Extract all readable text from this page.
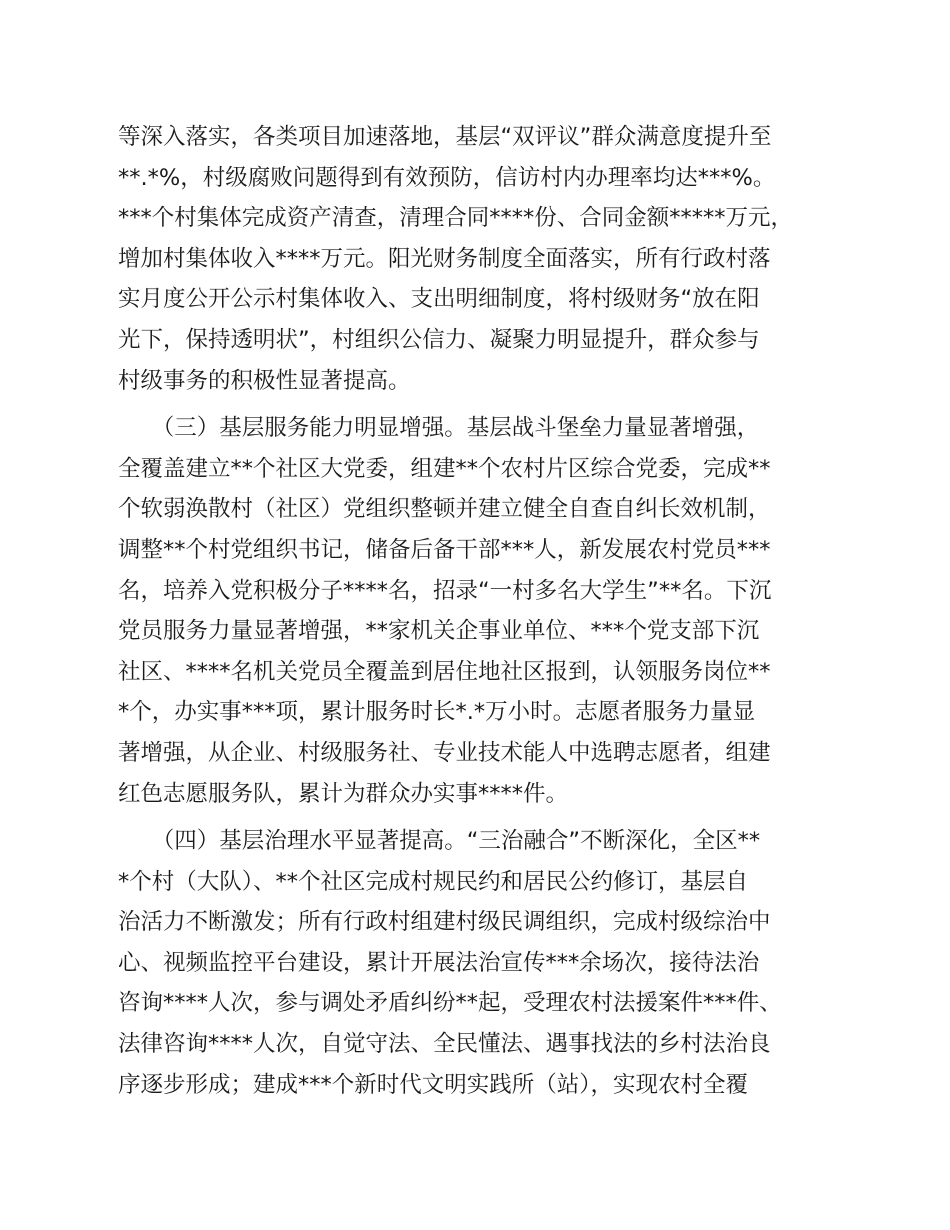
等深入落实，各类项目加速落地，基层“双评议”群众满意度提升至
**.*%，村级腐败问题得到有效预防，信访村内办理率均达***%。
***个村集体完成资产清查，清理合同****份、合同金额*****万元，
增加村集体收入****万元。阳光财务制度全面落实，所有行政村落
实月度公开公示村集体收入、支出明细制度，将村级财务“放在阳
光下，保持透明状”，村组织公信力、凝聚力明显提升，群众参与
村级事务的积极性显著提高。
　　（三）基层服务能力明显增强。基层战斗堡垒力量显著增强，
全覆盖建立**个社区大党委，组建**个农村片区综合党委，完成**
个软弱涣散村（社区）党组织整顿并建立健全自查自纠长效机制，
调整**个村党组织书记，储备后备干部***人，新发展农村党员***
名，培养入党积极分子****名，招录“一村多名大学生”**名。下沉
党员服务力量显著增强，**家机关企事业单位、***个党支部下沉
社区、****名机关党员全覆盖到居住地社区报到，认领服务岗位**
*个，办实事***项，累计服务时长*.*万小时。志愿者服务力量显
著增强，从企业、村级服务社、专业技术能人中选聘志愿者，组建
红色志愿服务队，累计为群众办实事****件。
　　（四）基层治理水平显著提高。“三治融合”不断深化，全区**
*个村（大队）、**个社区完成村规民约和居民公约修订，基层自
治活力不断激发；所有行政村组建村级民调组织，完成村级综治中
心、视频监控平台建设，累计开展法治宣传***余场次，接待法治
咨询****人次，参与调处矛盾纠纷**起，受理农村法援案件***件、
法律咨询****人次，自觉守法、全民懂法、遇事找法的乡村法治良
序逐步形成；建成***个新时代文明实践所（站），实现农村全覆
